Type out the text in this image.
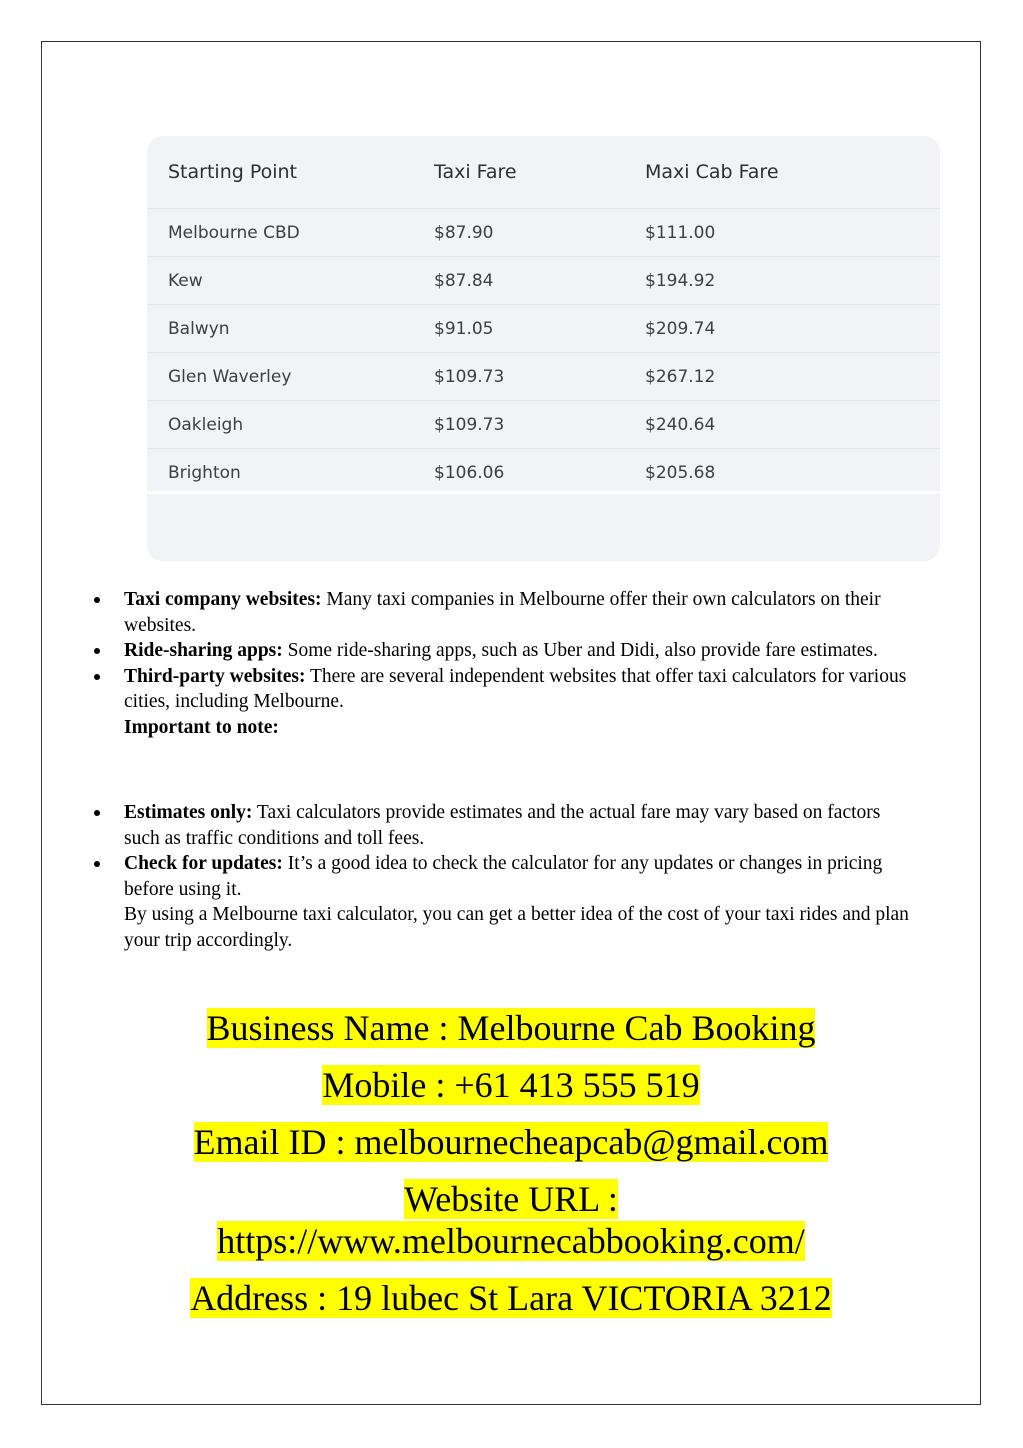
Starting Point	Taxi Fare	Maxi Cab Fare
Melbourne CBD	$87.90	$111.00
Kew	$87.84	$194.92
Balwyn	$91.05	$209.74
Glen Waverley	$109.73	$267.12
Oakleigh	$109.73	$240.64
Brighton	$106.06	$205.68
Taxi company websites: Many taxi companies in Melbourne offer their own calculators on their websites.
Ride-sharing apps: Some ride-sharing apps, such as Uber and Didi, also provide fare estimates.
Third-party websites: There are several independent websites that offer taxi calculators for various cities, including Melbourne.
Important to note:
Estimates only: Taxi calculators provide estimates and the actual fare may vary based on factors such as traffic conditions and toll fees.
Check for updates: It’s a good idea to check the calculator for any updates or changes in pricing before using it.
By using a Melbourne taxi calculator, you can get a better idea of the cost of your taxi rides and plan your trip accordingly.
Business Name : Melbourne Cab Booking
Mobile : +61 413 555 519
Email ID : melbournecheapcab@gmail.com
Website URL :
https://www.melbournecabbooking.com/
Address : 19 lubec St Lara VICTORIA 3212
